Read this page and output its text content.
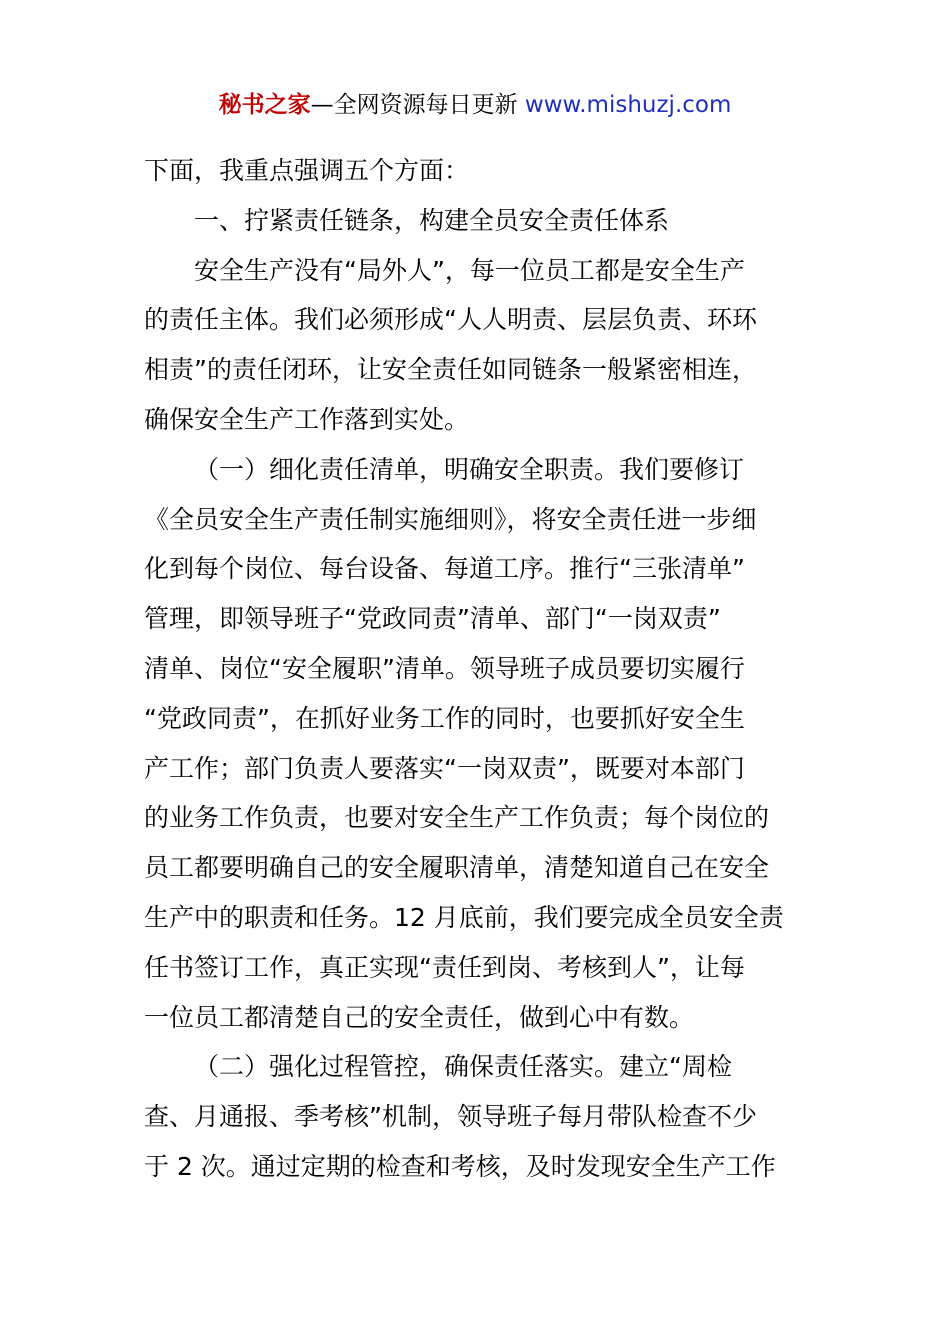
秘书之家—全网资源每日更新 www.mishuzj.com

下面，我重点强调五个方面：

一、拧紧责任链条，构建全员安全责任体系

安全生产没有“局外人”，每一位员工都是安全生产

的责任主体。我们必须形成“人人明责、层层负责、环环

相责”的责任闭环，让安全责任如同链条一般紧密相连，

确保安全生产工作落到实处。

（一）细化责任清单，明确安全职责。我们要修订

《全员安全生产责任制实施细则》，将安全责任进一步细

化到每个岗位、每台设备、每道工序。推行“三张清单”

管理，即领导班子“党政同责”清单、部门“一岗双责”

清单、岗位“安全履职”清单。领导班子成员要切实履行

“党政同责”，在抓好业务工作的同时，也要抓好安全生

产工作；部门负责人要落实“一岗双责”，既要对本部门

的业务工作负责，也要对安全生产工作负责；每个岗位的

员工都要明确自己的安全履职清单，清楚知道自己在安全

生产中的职责和任务。12 月底前，我们要完成全员安全责

任书签订工作，真正实现“责任到岗、考核到人”，让每

一位员工都清楚自己的安全责任，做到心中有数。

（二）强化过程管控，确保责任落实。建立“周检

查、月通报、季考核”机制，领导班子每月带队检查不少

于 2 次。通过定期的检查和考核，及时发现安全生产工作
